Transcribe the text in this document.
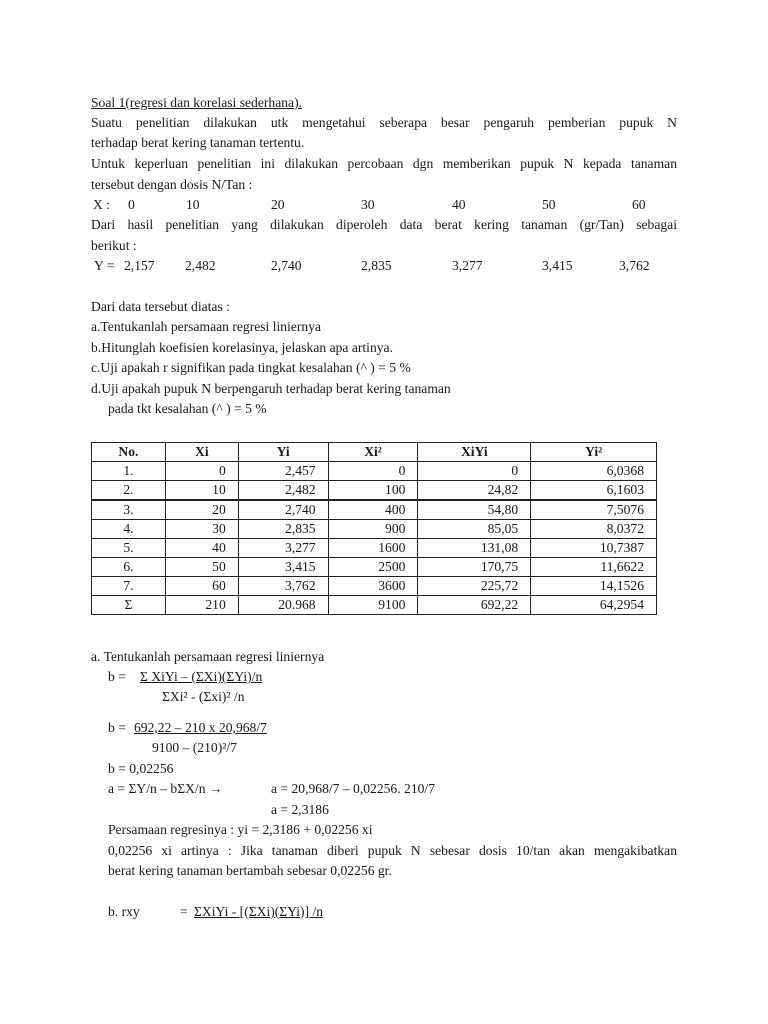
Soal 1(regresi dan korelasi sederhana).
Suatu penelitian dilakukan utk mengetahui seberapa besar pengaruh pemberian pupuk N
terhadap berat kering tanaman tertentu.
Untuk keperluan penelitian ini dilakukan percobaan dgn memberikan pupuk N kepada tanaman
tersebut dengan dosis N/Tan :
X : 0	10	20	30	40	50	60
Dari hasil penelitian yang dilakukan diperoleh data berat kering tanaman (gr/Tan) sebagai
berikut :
Y = 2,157 2,482	2,740	2,835	3,277	3,415	3,762
Dari data tersebut diatas :
a.Tentukanlah persamaan regresi liniernya
b.Hitunglah koefisien korelasinya, jelaskan apa artinya.
c.Uji apakah r signifikan pada tingkat kesalahan (^ ) = 5 %
d.Uji apakah pupuk N berpengaruh terhadap berat kering tanaman
pada tkt kesalahan (^ ) = 5 %
No.	Xi	Yi	Xi²	XiYi	Yi²
1.	0	2,457	0	0	6,0368
2.	10	2,482	100	24,82	6,1603
3.	20	2,740	400	54,80	7,5076
4.	30	2,835	900	85,05	8,0372
5.	40	3,277	1600	131,08	10,7387
6.	50	3,415	2500	170,75	11,6622
7.	60	3,762	3600	225,72	14,1526
Σ	210	20.968	9100	692,22	64,2954
a. Tentukanlah persamaan regresi liniernya
b = Σ XiYi – (ΣXi)(ΣYi)/n
ΣXi² - (Σxi)² /n
b = 692,22 – 210 x 20,968/7
9100 – (210)²/7
b = 0,02256
a = ΣY/n – bΣX/n →	a = 20,968/7 – 0,02256. 210/7
a = 2,3186
Persamaan regresinya : yi = 2,3186 + 0,02256 xi
0,02256 xi artinya : Jika tanaman diberi pupuk N sebesar dosis 10/tan akan mengakibatkan
berat kering tanaman bertambah sebesar 0,02256 gr.
b. rxy	= ΣXiYi - [(ΣXi)(ΣYi)] /n
